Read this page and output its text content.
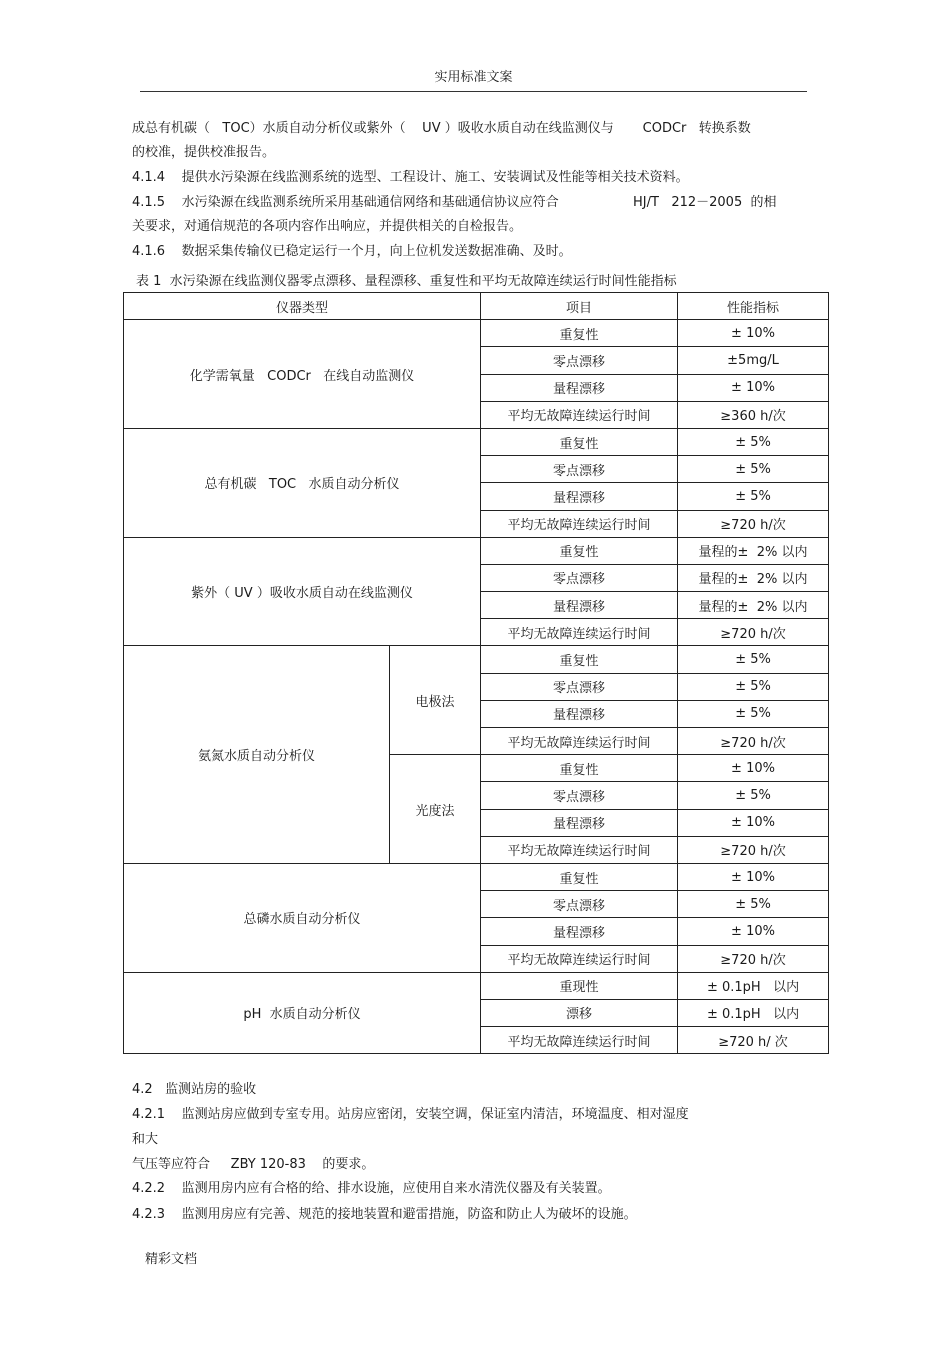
实用标准文案
成总有机碳（   TOC）水质自动分析仪或紫外（    UV ）吸收水质自动在线监测仪与       CODCr   转换系数
的校准，提供校准报告。
4.1.4    提供水污染源在线监测系统的选型、工程设计、施工、安装调试及性能等相关技术资料。
4.1.5    水污染源在线监测系统所采用基础通信网络和基础通信协议应符合                  HJ/T   212－2005  的相
关要求，对通信规范的各项内容作出响应，并提供相关的自检报告。
4.1.6    数据采集传输仪已稳定运行一个月，向上位机发送数据准确、及时。
表 1  水污染源在线监测仪器零点漂移、量程漂移、重复性和平均无故障连续运行时间性能指标
仪器类型		项目	性能指标
化学需氧量   CODCr   在线自动监测仪		重复性	± 10%
		零点漂移	±5mg/L
		量程漂移	± 10%
		平均无故障连续运行时间	≥360 h/次
总有机碳   TOC   水质自动分析仪		重复性	± 5%
		零点漂移	± 5%
		量程漂移	± 5%
		平均无故障连续运行时间	≥720 h/次
紫外（ UV ）吸收水质自动在线监测仪		重复性	量程的±  2% 以内
		零点漂移	量程的±  2% 以内
		量程漂移	量程的±  2% 以内
		平均无故障连续运行时间	≥720 h/次
氨氮水质自动分析仪	电极法	重复性	± 5%
		零点漂移	± 5%
		量程漂移	± 5%
		平均无故障连续运行时间	≥720 h/次
	光度法	重复性	± 10%
		零点漂移	± 5%
		量程漂移	± 10%
		平均无故障连续运行时间	≥720 h/次
总磷水质自动分析仪		重复性	± 10%
		零点漂移	± 5%
		量程漂移	± 10%
		平均无故障连续运行时间	≥720 h/次
pH  水质自动分析仪		重现性	± 0.1pH   以内
		漂移	± 0.1pH   以内
		平均无故障连续运行时间	≥720 h/ 次
4.2   监测站房的验收
4.2.1    监测站房应做到专室专用。站房应密闭，安装空调，保证室内清洁，环境温度、相对湿度
和大
气压等应符合     ZBY 120-83    的要求。
4.2.2    监测用房内应有合格的给、排水设施，应使用自来水清洗仪器及有关装置。
4.2.3    监测用房应有完善、规范的接地装置和避雷措施，防盗和防止人为破坏的设施。
精彩文档
